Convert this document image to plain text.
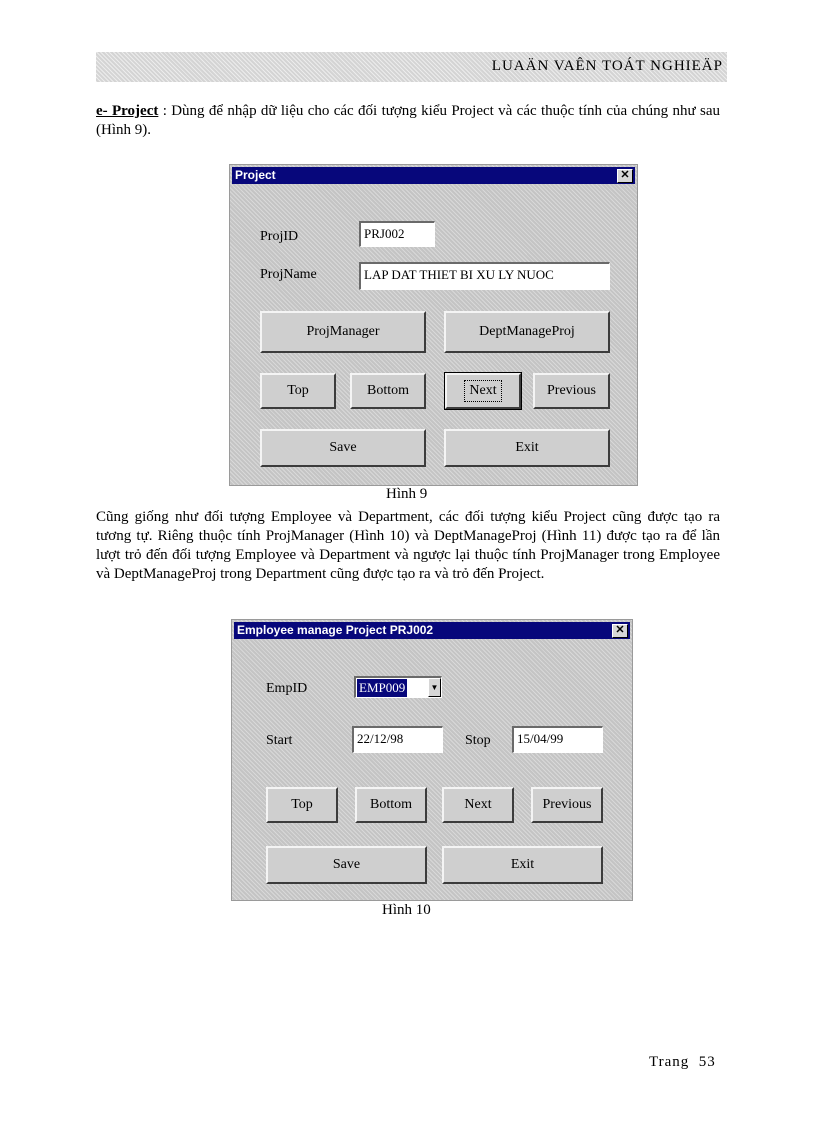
LUAÄN VAÊN TOÁT NGHIEÄP

e- Project : Dùng để nhập dữ liệu cho các đối tượng kiểu Project và các thuộc tính của chúng như sau (Hình 9).

Project	✕
ProjID	PRJ002
ProjName	LAP DAT THIET BI XU LY NUOC
ProjManager	DeptManageProj
Top	Bottom	Next	Previous
Save	Exit
Hình 9

Cũng giống như đối tượng Employee và Department, các đối tượng kiểu Project cũng được tạo ra tương tự. Riêng thuộc tính ProjManager (Hình 10) và DeptManageProj (Hình 11) được tạo ra để lần lượt trỏ đến đối tượng Employee và Department và ngược lại thuộc tính ProjManager trong Employee và DeptManageProj trong Department cũng được tạo ra và trỏ đến Project.

Employee manage Project PRJ002	✕
EmpID	EMP009	▼
Start	22/12/98	Stop	15/04/99
Top	Bottom	Next	Previous
Save	Exit
Hình 10
Trang 53
